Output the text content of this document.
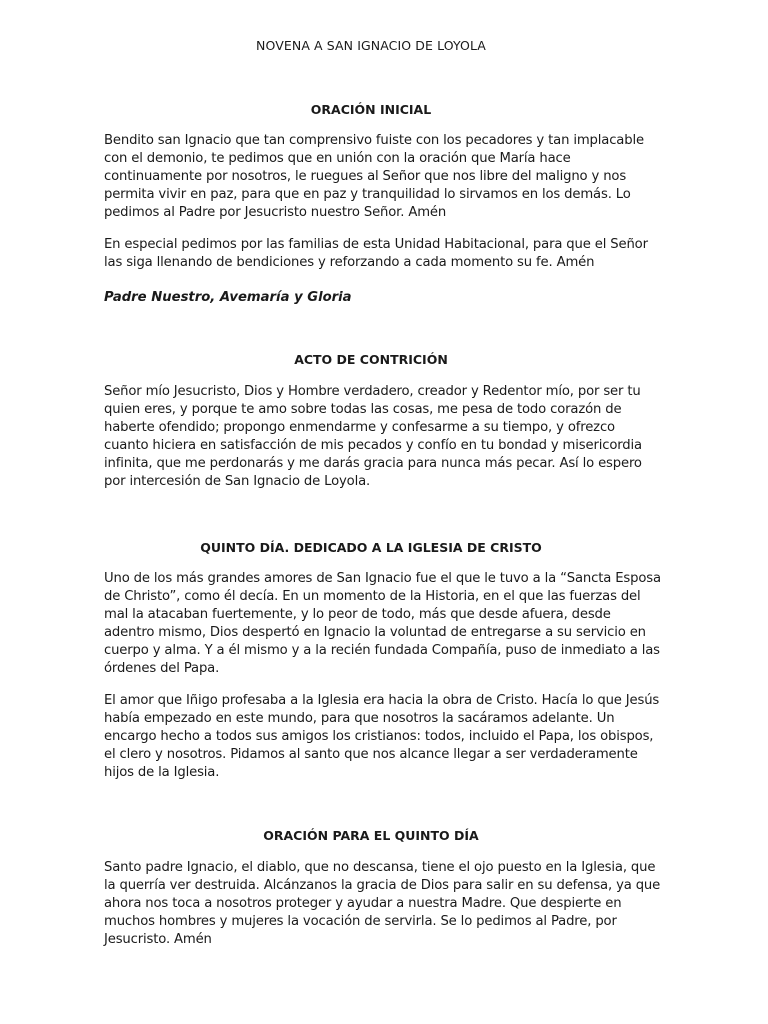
NOVENA A SAN IGNACIO DE LOYOLA
ORACIÓN INICIAL

Bendito san Ignacio que tan comprensivo fuiste con los pecadores y tan implacable
con el demonio, te pedimos que en unión con la oración que María hace
continuamente por nosotros, le ruegues al Señor que nos libre del maligno y nos
permita vivir en paz, para que en paz y tranquilidad lo sirvamos en los demás. Lo
pedimos al Padre por Jesucristo nuestro Señor. Amén

En especial pedimos por las familias de esta Unidad Habitacional, para que el Señor
las siga llenando de bendiciones y reforzando a cada momento su fe. Amén

Padre Nuestro, Avemaría y Gloria
ACTO DE CONTRICIÓN

Señor mío Jesucristo, Dios y Hombre verdadero, creador y Redentor mío, por ser tu
quien eres, y porque te amo sobre todas las cosas, me pesa de todo corazón de
haberte ofendido; propongo enmendarme y confesarme a su tiempo, y ofrezco
cuanto hiciera en satisfacción de mis pecados y confío en tu bondad y misericordia
infinita, que me perdonarás y me darás gracia para nunca más pecar. Así lo espero
por intercesión de San Ignacio de Loyola.

QUINTO DÍA. DEDICADO A LA IGLESIA DE CRISTO

Uno de los más grandes amores de San Ignacio fue el que le tuvo a la “Sancta Esposa
de Christo”, como él decía. En un momento de la Historia, en el que las fuerzas del
mal la atacaban fuertemente, y lo peor de todo, más que desde afuera, desde
adentro mismo, Dios despertó en Ignacio la voluntad de entregarse a su servicio en
cuerpo y alma. Y a él mismo y a la recién fundada Compañía, puso de inmediato a las
órdenes del Papa.

El amor que Iñigo profesaba a la Iglesia era hacia la obra de Cristo. Hacía lo que Jesús
había empezado en este mundo, para que nosotros la sacáramos adelante. Un
encargo hecho a todos sus amigos los cristianos: todos, incluido el Papa, los obispos,
el clero y nosotros. Pidamos al santo que nos alcance llegar a ser verdaderamente
hijos de la Iglesia.

ORACIÓN PARA EL QUINTO DÍA

Santo padre Ignacio, el diablo, que no descansa, tiene el ojo puesto en la Iglesia, que
la querría ver destruida. Alcánzanos la gracia de Dios para salir en su defensa, ya que
ahora nos toca a nosotros proteger y ayudar a nuestra Madre. Que despierte en
muchos hombres y mujeres la vocación de servirla. Se lo pedimos al Padre, por
Jesucristo. Amén
